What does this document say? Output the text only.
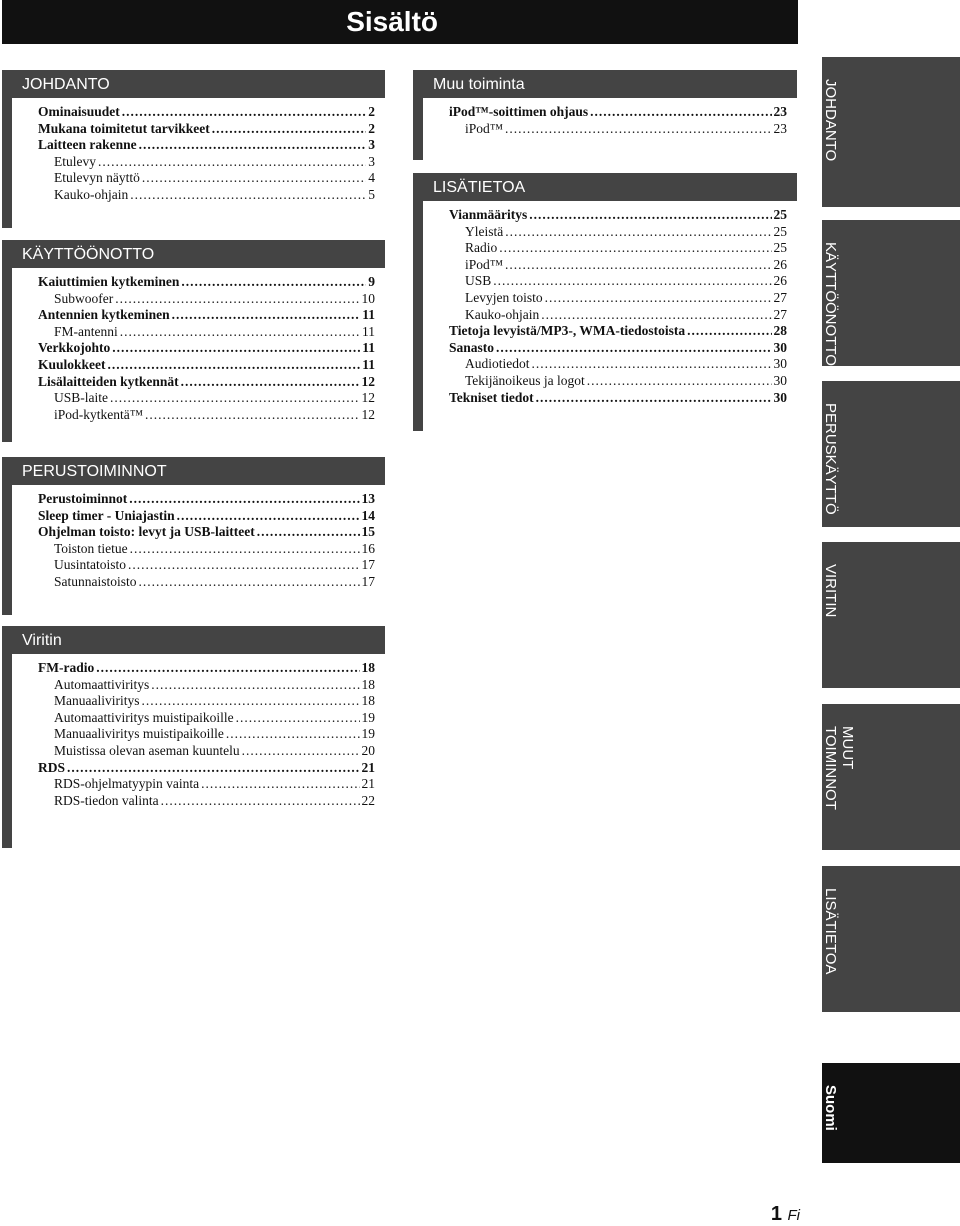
Sisältö
JOHDANTO
Ominaisuudet .....	2
Mukana toimitetut tarvikkeet .....	2
Laitteen rakenne .....	3
Etulevy .....	3
Etulevyn näyttö .....	4
Kauko-ohjain .....	5
KÄYTTÖÖNOTTO
Kaiuttimien kytkeminen .....	9
Subwoofer .....	10
Antennien kytkeminen .....	11
FM-antenni .....	11
Verkkojohto .....	11
Kuulokkeet .....	11
Lisälaitteiden kytkennät .....	12
USB-laite .....	12
iPod-kytkentä™ .....	12
PERUSTOIMINNOT
Perustoiminnot .....	13
Sleep timer - Uniajastin .....	14
Ohjelman toisto: levyt ja USB-laitteet .....	15
Toiston tietue .....	16
Uusintatoisto .....	17
Satunnaistoisto .....	17
Viritin
FM-radio .....	18
Automaattiviritys .....	18
Manuaaliviritys .....	18
Automaattiviritys muistipaikoille .....	19
Manuaaliviritys muistipaikoille .....	19
Muistissa olevan aseman kuuntelu .....	20
RDS .....	21
RDS-ohjelmatyypin vainta .....	21
RDS-tiedon valinta .....	22
Muu toiminta
iPod™-soittimen ohjaus .....	23
iPod™ .....	23
LISÄTIETOA
Vianmääritys .....	25
Yleistä .....	25
Radio .....	25
iPod™ .....	26
USB .....	26
Levyjen toisto .....	27
Kauko-ohjain .....	27
Tietoja levyistä/MP3-, WMA-tiedostoista .....	28
Sanasto .....	30
Audiotiedot .....	30
Tekijänoikeus ja logot .....	30
Tekniset tiedot .....	30
JOHDANTO
KÄYTTÖÖNOTTO
PERUSKÄYTTÖ
VIRITIN
MUUT TOIMINNOT
LISÄTIETOA
Suomi
1 Fi
